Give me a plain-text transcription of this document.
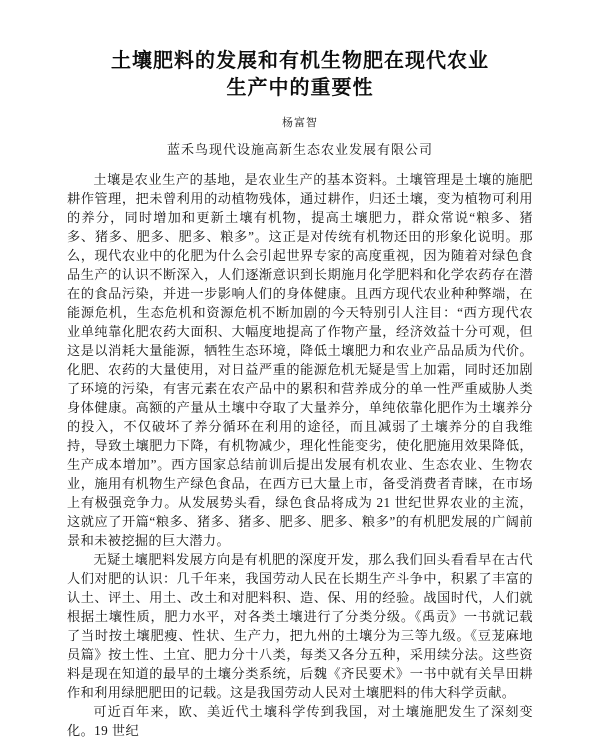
土壤肥料的发展和有机生物肥在现代农业
生产中的重要性
杨富智
蓝禾鸟现代设施高新生态农业发展有限公司

土壤是农业生产的基地，是农业生产的基本资料。土壤管理是土壤的施肥耕作管理，把未曾利用的动植物残体，通过耕作，归还土壤，变为植物可利用的养分，同时增加和更新土壤有机物，提高土壤肥力，群众常说“粮多、猪多、猪多、肥多、肥多、粮多”。这正是对传统有机物还田的形象化说明。那么，现代农业中的化肥为什么会引起世界专家的高度重视，因为随着对绿色食品生产的认识不断深入，人们逐渐意识到长期施月化学肥料和化学农药存在潜在的食品污染，并进一步影响人们的身体健康。且西方现代农业种种弊端，在能源危机，生态危机和资源危机不断加剧的今天特别引人注目：“西方现代农业单纯靠化肥农药大面积、大幅度地提高了作物产量，经济效益十分可观，但这是以消耗大量能源，牺牲生态环境，降低土壤肥力和农业产品品质为代价。化肥、农药的大量使用，对日益严重的能源危机无疑是雪上加霜，同时还加剧了环境的污染，有害元素在农产品中的累积和营养成分的单一性严重威胁人类身体健康。高额的产量从土壤中夺取了大量养分，单纯依靠化肥作为土壤养分的投入，不仅破坏了养分循环在利用的途径，而且减弱了土壤养分的自我维持，导致土壤肥力下降，有机物减少，理化性能变劣，使化肥施用效果降低，生产成本增加”。西方国家总结前训后提出发展有机农业、生态农业、生物农业，施用有机物生产绿色食品，在西方已大量上市，备受消费者青睐，在市场上有极强竞争力。从发展势头看，绿色食品将成为 21 世纪世界农业的主流，这就应了开篇“粮多、猪多、猪多、肥多、肥多、粮多”的有机肥发展的广阔前景和未被挖掘的巨大潜力。

无疑土壤肥料发展方向是有机肥的深度开发，那么我们回头看看早在古代人们对肥的认识：几千年来，我国劳动人民在长期生产斗争中，积累了丰富的认土、评土、用土、改土和对肥料积、造、保、用的经验。战国时代，人们就根据土壤性质，肥力水平，对各类土壤进行了分类分级。《禹贡》一书就记载了当时按土壤肥瘦、性状、生产力，把九州的土壤分为三等九级。《豆茏麻地员篇》按土性、土宜、肥力分十八类，每类又各分五种，采用续分法。这些资料是现在知道的最早的土壤分类系统，后魏《齐民要术》一书中就有关旱田耕作和利用绿肥肥田的记载。这是我国劳动人民对土壤肥料的伟大科学贡献。

可近百年来，欧、美近代土壤科学传到我国，对土壤施肥发生了深刻变化。19 世纪
